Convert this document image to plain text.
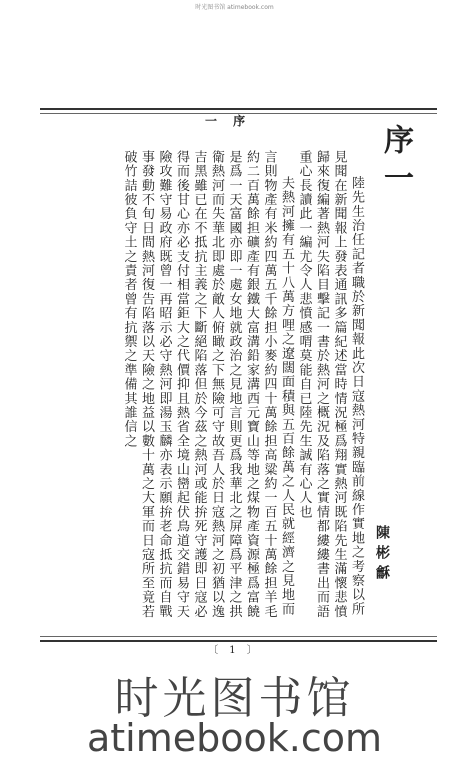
时光图书馆 atimebook.com
一 序
序一

陸先生治任記者職於新聞報此次日寇熱河特親臨前線作實地之考察以所見聞在新聞報上發表通訊多篇紀述當時情況極爲翔實熱河既陷先生滿懷悲憤歸來復編著熱河失陷目擊記一書於熱河之概況及陷落之實情都縷縷書出而語重心長讀此一編尤令人悲憤感喟莫能自已陸先生誠有心人也

夫熱河擁有五十八萬方哩之遼闊面積與五百餘萬之人民就經濟之見地而言則物產有米約四萬五千餘担小麥約四十萬餘担高粱約一百五十萬餘担羊毛約二百萬餘担礦產有銀鐵大富溝鉛家溝西元寶山等地之煤物產資源極爲富饒是爲一天富國亦即一處女地就政治之見地言則更爲我華北之屏障爲平津之拱衛熱河而失華北即處於敵人俯瞰之下無險可守故吾人於日寇熱河之初猶以逸吉黑雖已在不抵抗主義之下斷絕陷落但於今茲之熱河或能拚死守護即日寇必得而後甘心亦必支付相當鉅大之代價抑且熱省全境山巒起伏鳥道交錯易守天險攻難守易政府既曾一再昭示必守熱河即湯玉麟亦表示願拚老命抵抗而自戰事發動不旬日間熱河復告陷落以天險之地益以數十萬之大軍而日寇所至竟若破竹詰彼負守土之責者曾有抗禦之準備其誰信之

陳彬龢
〔 1 〕
时光图书馆
atimebook.com
